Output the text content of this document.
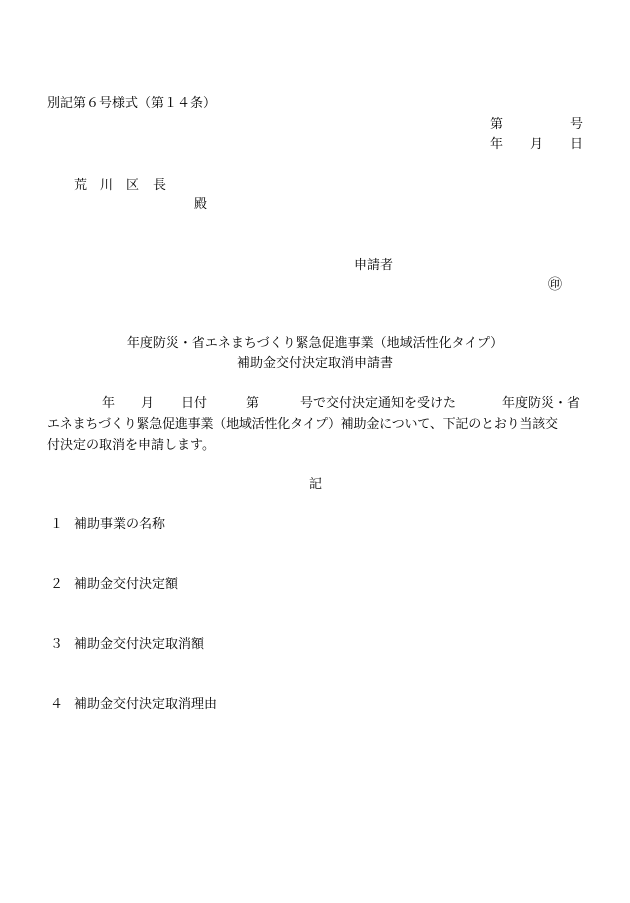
別記第６号様式（第１４条）
第	号
年 月 日
荒 川 区 長
殿
申請者
㊞
年度防災・省エネまちづくり緊急促進事業（地域活性化タイプ）
補助金交付決定取消申請書
年 月 日付	第	号で交付決定通知を受けた	年度防災・省
エネまちづくり緊急促進事業（地域活性化タイプ）補助金について、下記のとおり当該交
付決定の取消を申請します。
記
１ 補助事業の名称
２ 補助金交付決定額
３ 補助金交付決定取消額
４ 補助金交付決定取消理由
